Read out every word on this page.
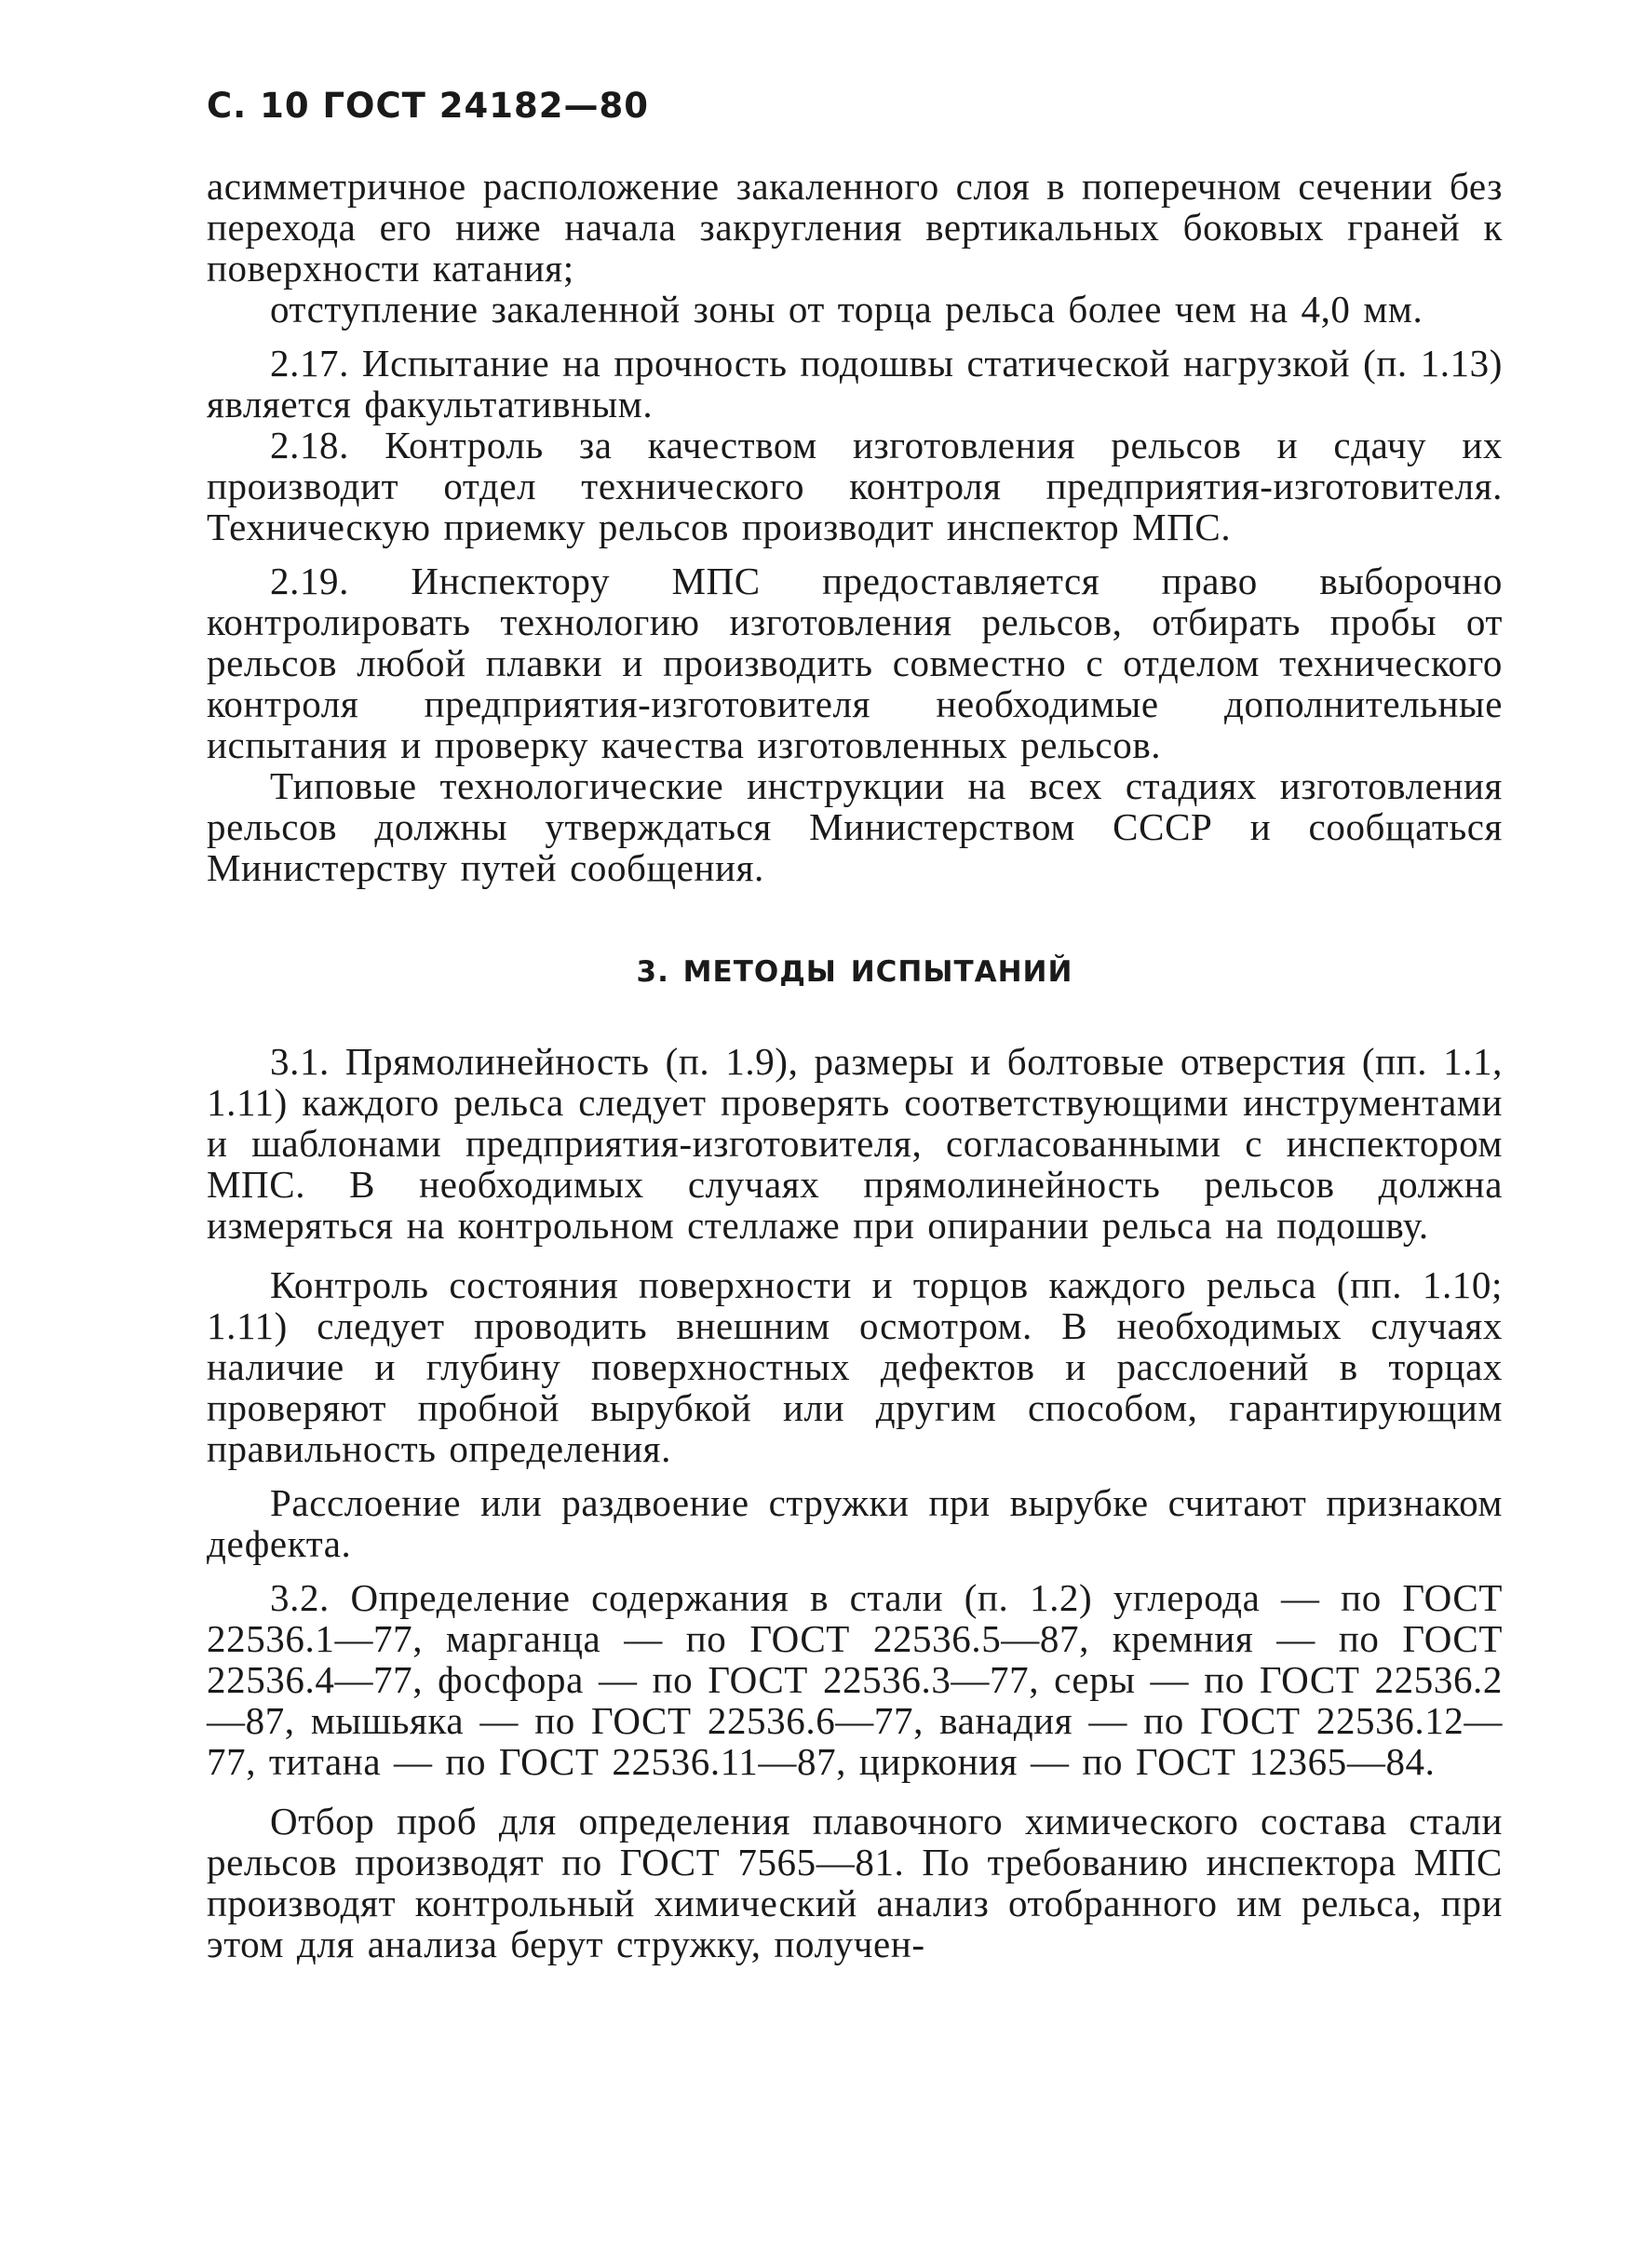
С. 10 ГОСТ 24182—80

асимметричное расположение закаленного слоя в поперечном сечении без перехода его ниже начала закругления вертикальных боковых граней к поверхности катания;

отступление закаленной зоны от торца рельса более чем на 4,0 мм.

2.17. Испытание на прочность подошвы статической нагрузкой (п. 1.13) является факультативным.

2.18. Контроль за качеством изготовления рельсов и сдачу их производит отдел технического контроля предприятия-изготовителя. Техническую приемку рельсов производит инспектор МПС.

2.19. Инспектору МПС предоставляется право выборочно контролировать технологию изготовления рельсов, отбирать пробы от рельсов любой плавки и производить совместно с отделом технического контроля предприятия-изготовителя необходимые дополнительные испытания и проверку качества изготовленных рельсов.

Типовые технологические инструкции на всех стадиях изготовления рельсов должны утверждаться Министерством СССР и сообщаться Министерству путей сообщения.

3. МЕТОДЫ ИСПЫТАНИЙ

3.1. Прямолинейность (п. 1.9), размеры и болтовые отверстия (пп. 1.1, 1.11) каждого рельса следует проверять соответствующими инструментами и шаблонами предприятия-изготовителя, согласованными с инспектором МПС. В необходимых случаях прямолинейность рельсов должна измеряться на контрольном стеллаже при опирании рельса на подошву.

Контроль состояния поверхности и торцов каждого рельса (пп. 1.10; 1.11) следует проводить внешним осмотром. В необходимых случаях наличие и глубину поверхностных дефектов и расслоений в торцах проверяют пробной вырубкой или другим способом, гарантирующим правильность определения.

Расслоение или раздвоение стружки при вырубке считают признаком дефекта.

3.2. Определение содержания в стали (п. 1.2) углерода — по ГОСТ 22536.1—77, марганца — по ГОСТ 22536.5—87, кремния — по ГОСТ 22536.4—77, фосфора — по ГОСТ 22536.3—77, серы — по ГОСТ 22536.2—87, мышьяка — по ГОСТ 22536.6—77, ванадия — по ГОСТ 22536.12—77, титана — по ГОСТ 22536.11—87, циркония — по ГОСТ 12365—84.

Отбор проб для определения плавочного химического состава стали рельсов производят по ГОСТ 7565—81. По требованию инспектора МПС производят контрольный химический анализ отобранного им рельса, при этом для анализа берут стружку, получен-
